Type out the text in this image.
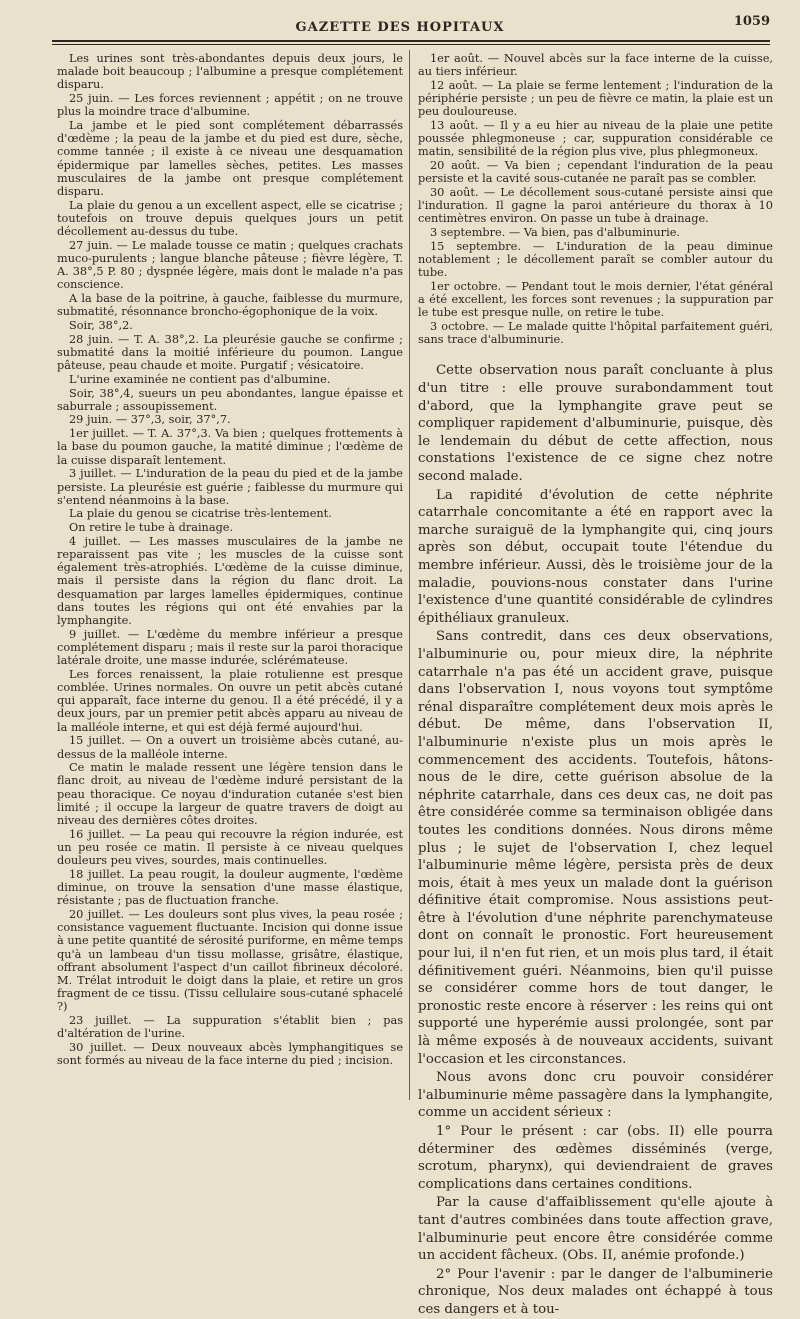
GAZETTE DES HOPITAUX	1059

Les urines sont très-abondantes depuis deux jours, le malade boit beaucoup ; l'albumine a presque complétement disparu.

25 juin. — Les forces reviennent ; appétit ; on ne trouve plus la moindre trace d'albumine.

La jambe et le pied sont complétement débarrassés d'œdème ; la peau de la jambe et du pied est dure, sèche, comme tannée ; il existe à ce niveau une desquamation épidermique par lamelles sèches, petites. Les masses musculaires de la jambe ont presque complétement disparu.

La plaie du genou a un excellent aspect, elle se cicatrise ; toutefois on trouve depuis quelques jours un petit décollement au-dessus du tube.

27 juin. — Le malade tousse ce matin ; quelques crachats muco-purulents ; langue blanche pâteuse ; fièvre légère, T. A. 38°,5 P. 80 ; dyspnée légère, mais dont le malade n'a pas conscience.

A la base de la poitrine, à gauche, faiblesse du murmure, submatité, résonnance broncho-égophonique de la voix.

Soir, 38°,2.

28 juin. — T. A. 38°,2. La pleurésie gauche se confirme ; submatité dans la moitié inférieure du poumon. Langue pâteuse, peau chaude et moite. Purgatif ; vésicatoire.

L'urine examinée ne contient pas d'albumine.

Soir, 38°,4, sueurs un peu abondantes, langue épaisse et saburrale ; assoupissement.

29 juin. — 37°,3, soir, 37°,7.

1er juillet. — T. A. 37°,3. Va bien ; quelques frottements à la base du poumon gauche, la matité diminue ; l'œdème de la cuisse disparaît lentement.

3 juillet. — L'induration de la peau du pied et de la jambe persiste. La pleurésie est guérie ; faiblesse du murmure qui s'entend néanmoins à la base.

La plaie du genou se cicatrise très-lentement.

On retire le tube à drainage.

4 juillet. — Les masses musculaires de la jambe ne reparaissent pas vite ; les muscles de la cuisse sont également très-atrophiés. L'œdème de la cuisse diminue, mais il persiste dans la région du flanc droit. La desquamation par larges lamelles épidermiques, continue dans toutes les régions qui ont été envahies par la lymphangite.

9 juillet. — L'œdème du membre inférieur a presque complétement disparu ; mais il reste sur la paroi thoracique latérale droite, une masse indurée, sclérémateuse.

Les forces renaissent, la plaie rotulienne est presque comblée. Urines normales. On ouvre un petit abcès cutané qui apparaît, face interne du genou. Il a été précédé, il y a deux jours, par un premier petit abcès apparu au niveau de la malléole interne, et qui est déjà fermé aujourd'hui.

15 juillet. — On a ouvert un troisième abcès cutané, au-dessus de la malléole interne.

Ce matin le malade ressent une légère tension dans le flanc droit, au niveau de l'œdème induré persistant de la peau thoracique. Ce noyau d'induration cutanée s'est bien limité ; il occupe la largeur de quatre travers de doigt au niveau des dernières côtes droites.

16 juillet. — La peau qui recouvre la région indurée, est un peu rosée ce matin. Il persiste à ce niveau quelques douleurs peu vives, sourdes, mais continuelles.

18 juillet. La peau rougit, la douleur augmente, l'œdème diminue, on trouve la sensation d'une masse élastique, résistante ; pas de fluctuation franche.

20 juillet. — Les douleurs sont plus vives, la peau rosée ; consistance vaguement fluctuante. Incision qui donne issue à une petite quantité de sérosité puriforme, en même temps qu'à un lambeau d'un tissu mollasse, grisâtre, élastique, offrant absolument l'aspect d'un caillot fibrineux décoloré. M. Trélat introduit le doigt dans la plaie, et retire un gros fragment de ce tissu. (Tissu cellulaire sous-cutané sphacelé ?)

23 juillet. — La suppuration s'établit bien ; pas d'altération de l'urine.

30 juillet. — Deux nouveaux abcès lymphangitiques se sont formés au niveau de la face interne du pied ; incision.

1er août. — Nouvel abcès sur la face interne de la cuisse, au tiers inférieur.

12 août. — La plaie se ferme lentement ; l'induration de la périphérie persiste ; un peu de fièvre ce matin, la plaie est un peu douloureuse.

13 août. — Il y a eu hier au niveau de la plaie une petite poussée phlegmoneuse ; car, suppuration considérable ce matin, sensibilité de la région plus vive, plus phlegmoneux.

20 août. — Va bien ; cependant l'induration de la peau persiste et la cavité sous-cutanée ne paraît pas se combler.

30 août. — Le décollement sous-cutané persiste ainsi que l'induration. Il gagne la paroi antérieure du thorax à 10 centimètres environ. On passe un tube à drainage.

3 septembre. — Va bien, pas d'albuminurie.

15 septembre. — L'induration de la peau diminue notablement ; le décollement paraît se combler autour du tube.

1er octobre. — Pendant tout le mois dernier, l'état général a été excellent, les forces sont revenues ; la suppuration par le tube est presque nulle, on retire le tube.

3 octobre. — Le malade quitte l'hôpital parfaitement guéri, sans trace d'albuminurie.

Cette observation nous paraît concluante à plus d'un titre : elle prouve surabondamment tout d'abord, que la lymphangite grave peut se compliquer rapidement d'albuminurie, puisque, dès le lendemain du début de cette affection, nous constations l'existence de ce signe chez notre second malade.

La rapidité d'évolution de cette néphrite catarrhale concomitante a été en rapport avec la marche suraiguë de la lymphangite qui, cinq jours après son début, occupait toute l'étendue du membre inférieur. Aussi, dès le troisième jour de la maladie, pouvions-nous constater dans l'urine l'existence d'une quantité considérable de cylindres épithéliaux granuleux.

Sans contredit, dans ces deux observations, l'albuminurie ou, pour mieux dire, la néphrite catarrhale n'a pas été un accident grave, puisque dans l'observation I, nous voyons tout symptôme rénal disparaître complétement deux mois après le début. De même, dans l'observation II, l'albuminurie n'existe plus un mois après le commencement des accidents. Toutefois, hâtons-nous de le dire, cette guérison absolue de la néphrite catarrhale, dans ces deux cas, ne doit pas être considérée comme sa terminaison obligée dans toutes les conditions données. Nous dirons même plus ; le sujet de l'observation I, chez lequel l'albuminurie même légère, persista près de deux mois, était à mes yeux un malade dont la guérison définitive était compromise. Nous assistions peut-être à l'évolution d'une néphrite parenchymateuse dont on connaît le pronostic. Fort heureusement pour lui, il n'en fut rien, et un mois plus tard, il était définitivement guéri. Néanmoins, bien qu'il puisse se considérer comme hors de tout danger, le pronostic reste encore à réserver : les reins qui ont supporté une hyperémie aussi prolongée, sont par là même exposés à de nouveaux accidents, suivant l'occasion et les circonstances.

Nous avons donc cru pouvoir considérer l'albuminurie même passagère dans la lymphangite, comme un accident sérieux :

1° Pour le présent : car (obs. II) elle pourra déterminer des œdèmes disséminés (verge, scrotum, pharynx), qui deviendraient de graves complications dans certaines conditions.

Par la cause d'affaiblissement qu'elle ajoute à tant d'autres combinées dans toute affection grave, l'albuminurie peut encore être considérée comme un accident fâcheux. (Obs. II, anémie profonde.)

2° Pour l'avenir : par le danger de l'albuminerie chronique, Nos deux malades ont échappé à tous ces dangers et à tou-
